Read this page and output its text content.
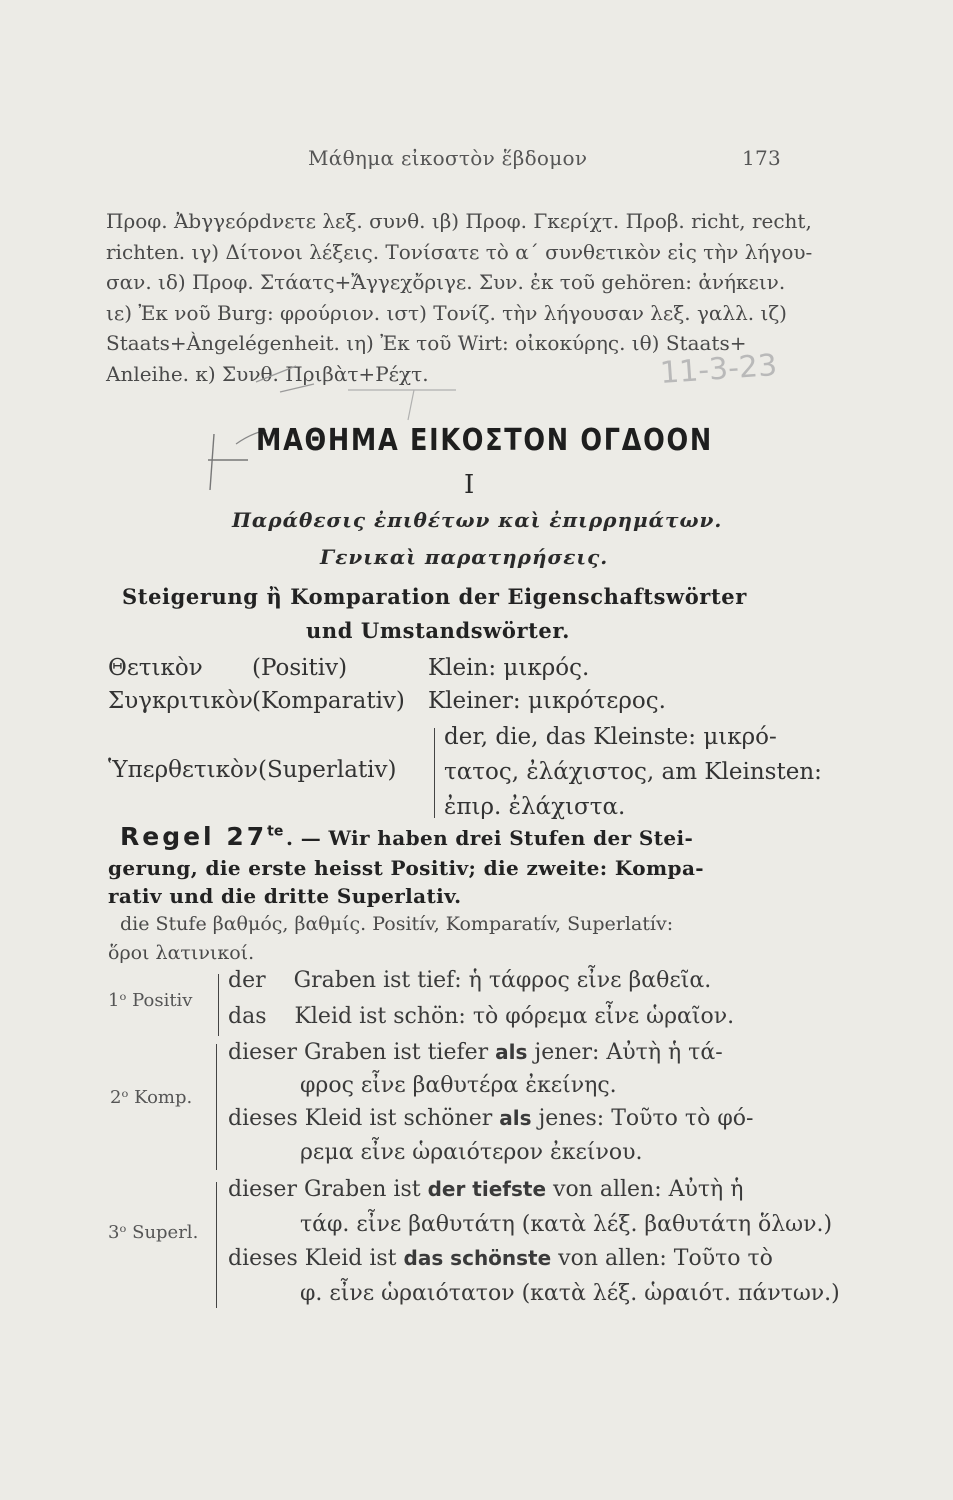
Μάθημα εἰκοστὸν ἕβδομον	173
Προφ. Ἀbγγεόρdνετε λεξ. συνθ. ιβ) Προφ. Γκερίχτ. Προβ. richt, recht,
richten. ιγ) Δίτονοι λέξεις. Τονίσατε τὸ α΄ συνθετικὸν εἰς τὴν λήγου-
σαν. ιδ) Προφ. Στάατς+Ἄγγεχὄριγε. Συν. ἐκ τοῦ gehören: ἀνήκειν.
ιε) Ἐκ νοῦ Burg: φρούριον. ιστ) Τονίζ. τὴν λήγουσαν λεξ. γαλλ. ιζ)
Staats+Àngelégenheit. ιη) Ἐκ τοῦ Wirt: οἰκοκύρης. ιθ) Staats+
Anleihe. κ) Συνθ. Πριβὰτ+Ρέχτ.	11-3-23
ΜΑΘΗΜΑ ΕΙΚΟΣΤΟΝ ΟΓΔΟΟΝ
I
Παράθεσις ἐπιθέτων καὶ ἐπιρρημάτων.
Γενικαὶ παρατηρήσεις.
Steigerung ἢ Komparation der Eigenschaftswörter
und Umstandswörter.
Θετικὸν (Positiv)	Klein: μικρός.
Συγκριτικὸν (Komparativ) Kleiner: μικρότερος.
Ὑπερθετικὸν (Superlativ)
der, die, das Kleinste: μικρό-
τατος, ἐλάχιστος, am Kleinsten:
ἐπιρ. ἐλάχιστα.
Regel $27^{te}$ . — Wir haben drei Stufen der Stei-
gerung, die erste heisst Positiv; die zweite: Kompa-
rativ und die dritte Superlativ.
die Stufe βαθμός, βαθμίς. Positív, Komparatív, Superlatív:
ὅροι λατινικοί.
1ᵒ Positiv
der    Graben ist tief: ἡ τάφρος εἶνε βαθεῖα.
das    Kleid ist schön: τὸ φόρεμα εἶνε ὡραῖον.
2ᵒ Komp.
dieser Graben ist tiefer als jener: Αὐτὴ ἡ τά-
φρος εἶνε βαθυτέρα ἐκείνης.
dieses Kleid ist schöner als jenes: Τοῦτο τὸ φό-
ρεμα εἶνε ὡραιότερον ἐκείνου.
3ᵒ Superl.
dieser Graben ist der tiefste von allen: Αὐτὴ ἡ
τάφ. εἶνε βαθυτάτη (κατὰ λέξ. βαθυτάτη ὅλων.)
dieses Kleid ist das schönste von allen: Τοῦτο τὸ
φ. εἶνε ὡραιότατον (κατὰ λέξ. ὡραιότ. πάντων.)
